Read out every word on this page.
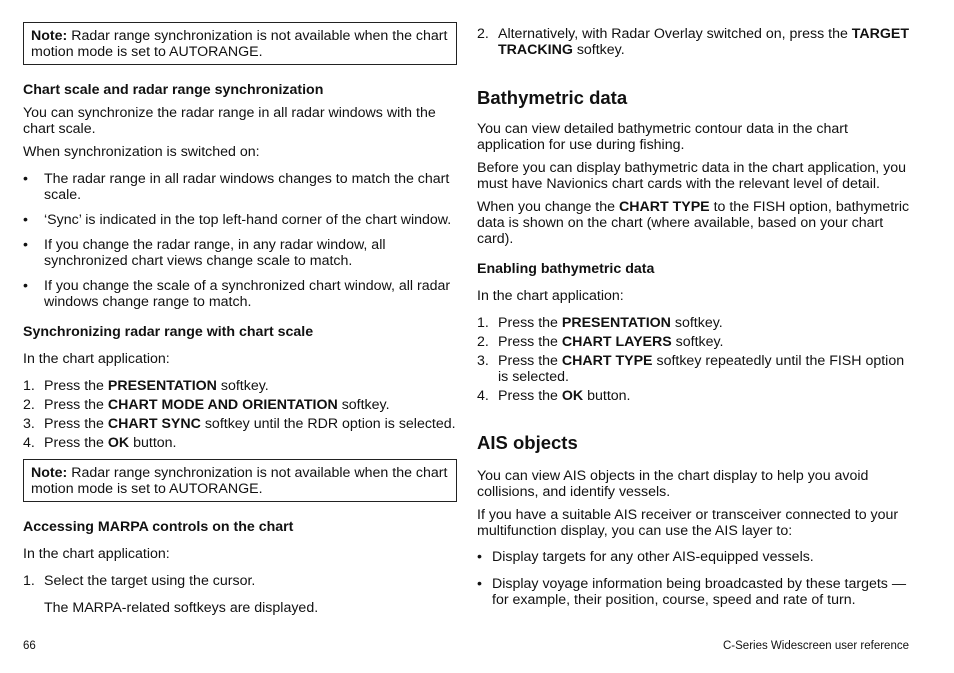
Note: Radar range synchronization is not available when the chart motion mode is set to AUTORANGE.
Chart scale and radar range synchronization

You can synchronize the radar range in all radar windows with the chart scale.

When synchronization is switched on:

• The radar range in all radar windows changes to match the chart scale.
• ‘Sync’ is indicated in the top left-hand corner of the chart window.
• If you change the radar range, in any radar window, all synchronized chart views change scale to match.
• If you change the scale of a synchronized chart window, all radar windows change range to match.
Synchronizing radar range with chart scale

In the chart application:

1. Press the PRESENTATION softkey.
2. Press the CHART MODE AND ORIENTATION softkey.
3. Press the CHART SYNC softkey until the RDR option is selected.
4. Press the OK button.
Note: Radar range synchronization is not available when the chart motion mode is set to AUTORANGE.
Accessing MARPA controls on the chart

In the chart application:

1. Select the target using the cursor.

The MARPA-related softkeys are displayed.

2. Alternatively, with Radar Overlay switched on, press the TARGET TRACKING softkey.
Bathymetric data

You can view detailed bathymetric contour data in the chart application for use during fishing.

Before you can display bathymetric data in the chart application, you must have Navionics chart cards with the relevant level of detail.

When you change the CHART TYPE to the FISH option, bathymetric data is shown on the chart (where available, based on your chart card).

Enabling bathymetric data

In the chart application:

1. Press the PRESENTATION softkey.
2. Press the CHART LAYERS softkey.
3. Press the CHART TYPE softkey repeatedly until the FISH option is selected.
4. Press the OK button.
AIS objects

You can view AIS objects in the chart display to help you avoid collisions, and identify vessels.

If you have a suitable AIS receiver or transceiver connected to your multifunction display, you can use the AIS layer to:

• Display targets for any other AIS-equipped vessels.
• Display voyage information being broadcasted by these targets — for example, their position, course, speed and rate of turn.
66	C-Series Widescreen user reference
